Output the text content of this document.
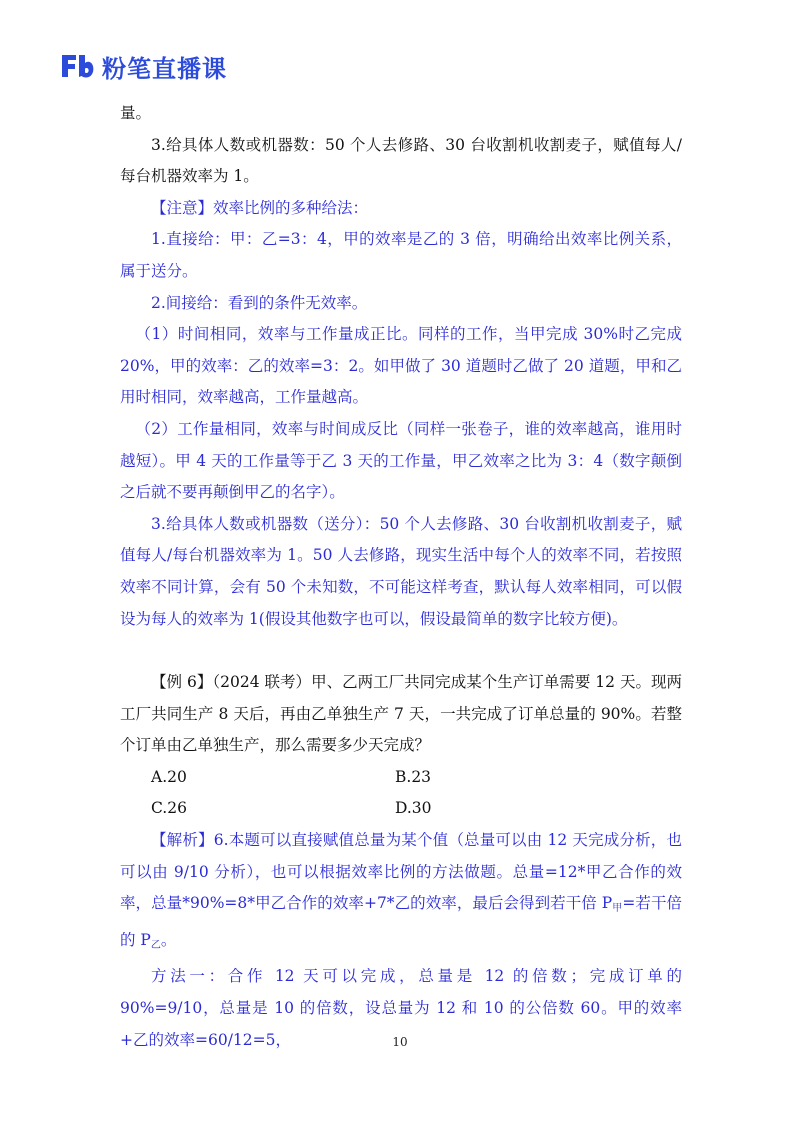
粉笔直播课

量。

3.给具体人数或机器数：50 个人去修路、30 台收割机收割麦子，赋值每人/每台机器效率为 1。

【注意】效率比例的多种给法：

1.直接给：甲：乙=3：4，甲的效率是乙的 3 倍，明确给出效率比例关系，属于送分。

2.间接给：看到的条件无效率。

（1）时间相同，效率与工作量成正比。同样的工作，当甲完成 30%时乙完成 20%，甲的效率：乙的效率=3：2。如甲做了 30 道题时乙做了 20 道题，甲和乙用时相同，效率越高，工作量越高。

（2）工作量相同，效率与时间成反比（同样一张卷子，谁的效率越高，谁用时越短）。甲 4 天的工作量等于乙 3 天的工作量，甲乙效率之比为 3：4（数字颠倒之后就不要再颠倒甲乙的名字）。

3.给具体人数或机器数（送分）：50 个人去修路、30 台收割机收割麦子，赋值每人/每台机器效率为 1。50 人去修路，现实生活中每个人的效率不同，若按照效率不同计算，会有 50 个未知数，不可能这样考查，默认每人效率相同，可以假设为每人的效率为 1(假设其他数字也可以，假设最简单的数字比较方便)。

【例 6】（2024 联考）甲、乙两工厂共同完成某个生产订单需要 12 天。现两工厂共同生产 8 天后，再由乙单独生产 7 天，一共完成了订单总量的 90%。若整个订单由乙单独生产，那么需要多少天完成？

A.20	B.23
C.26	D.30

【解析】6.本题可以直接赋值总量为某个值（总量可以由 12 天完成分析，也可以由 9/10 分析），也可以根据效率比例的方法做题。总量=12*甲乙合作的效率，总量*90%=8*甲乙合作的效率+7*乙的效率，最后会得到若干倍 $P_甲=$若干倍的 $P_乙$。

方法一：合作 12 天可以完成，总量是 12 的倍数；完成订单的 90%=9/10，总量是 10 的倍数，设总量为 12 和 10 的公倍数 60。甲的效率+乙的效率=60/12=5，	10
